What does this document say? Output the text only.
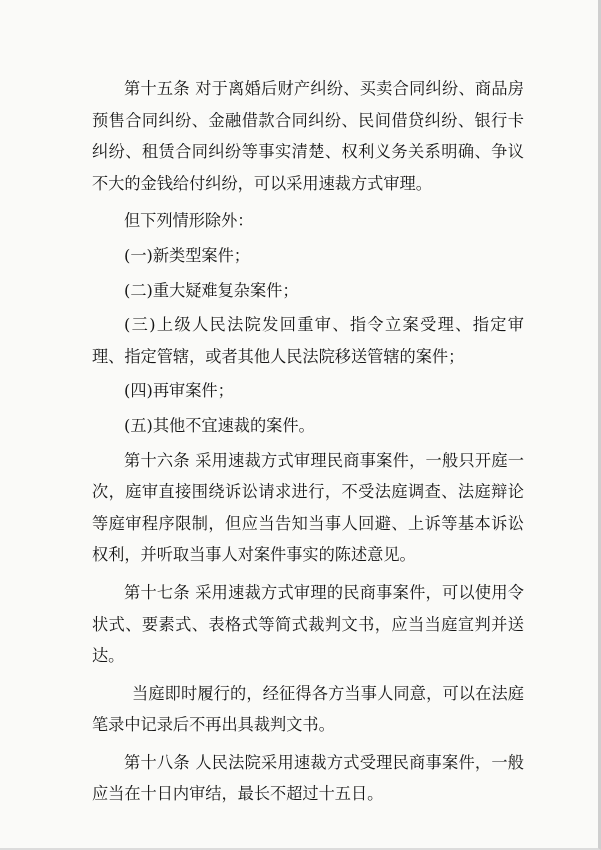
第十五条 对于离婚后财产纠纷、买卖合同纠纷、商品房预售合同纠纷、金融借款合同纠纷、民间借贷纠纷、银行卡纠纷、租赁合同纠纷等事实清楚、权利义务关系明确、争议不大的金钱给付纠纷，可以采用速裁方式审理。

但下列情形除外：

(一)新类型案件；

(二)重大疑难复杂案件；

(三)上级人民法院发回重审、指令立案受理、指定审理、指定管辖，或者其他人民法院移送管辖的案件；

(四)再审案件；

(五)其他不宜速裁的案件。

第十六条 采用速裁方式审理民商事案件，一般只开庭一次，庭审直接围绕诉讼请求进行，不受法庭调查、法庭辩论等庭审程序限制，但应当告知当事人回避、上诉等基本诉讼权利，并听取当事人对案件事实的陈述意见。

第十七条 采用速裁方式审理的民商事案件，可以使用令状式、要素式、表格式等简式裁判文书，应当当庭宣判并送达。

当庭即时履行的，经征得各方当事人同意，可以在法庭笔录中记录后不再出具裁判文书。

第十八条 人民法院采用速裁方式受理民商事案件，一般应当在十日内审结，最长不超过十五日。
